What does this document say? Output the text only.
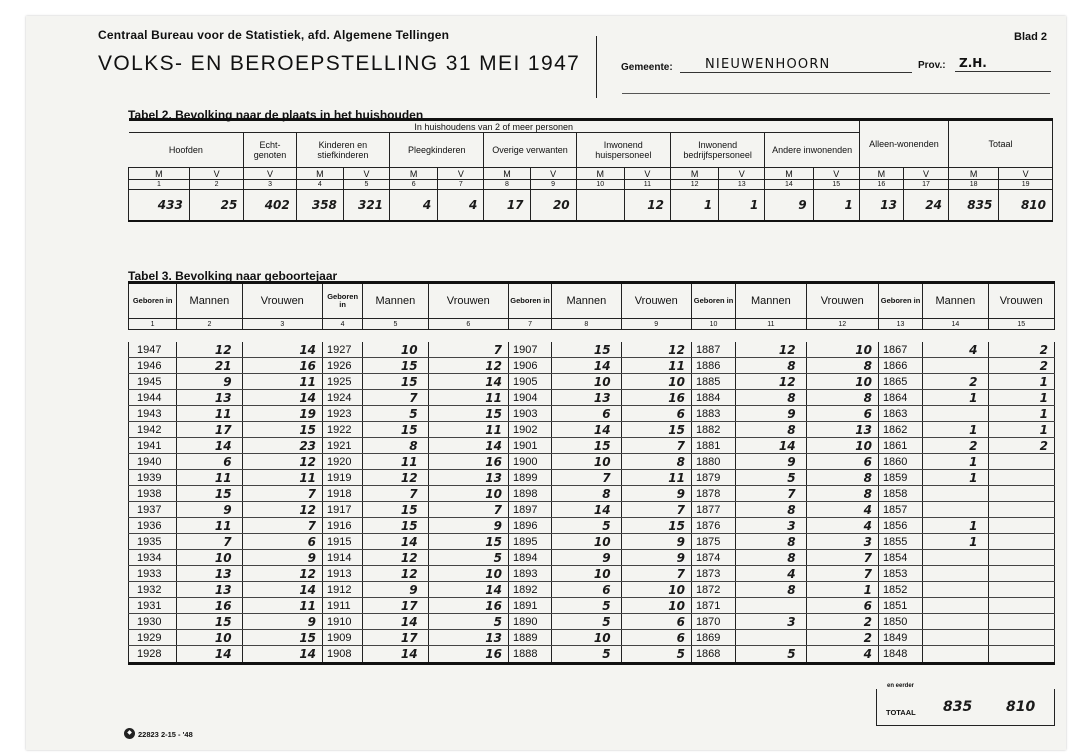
Centraal Bureau voor de Statistiek, afd. Algemene Tellingen
VOLKS- EN BEROEPSTELLING 31 MEI 1947
Blad 2
Gemeente: NIEUWENHOORN	Prov.: Z.H.
Tabel 2. Bevolking naar de plaats in het huishouden
In huishoudens van 2 of meer personen															Alleen-wonenden		Totaal	
Hoofden		Echt-genoten	Kinderen en stiefkinderen		Pleegkinderen		Overige verwanten		Inwonend huispersoneel		Inwonend bedrijfspersoneel		Andere inwonenden					
M	V	V	M	V	M	V	M	V	M	V	M	V	M	V	M	V	M	V
1	2	3	4	5	6	7	8	9	10	11	12	13	14	15	16	17	18	19
433	25	402	358	321	4	4	17	20		12	1	1	9	1	13	24	835	810
Tabel 3. Bevolking naar geboortejaar
Geboren in	Mannen	Vrouwen	Geboren in	Mannen	Vrouwen	Geboren in	Mannen	Vrouwen	Geboren in	Mannen	Vrouwen	Geboren in	Mannen	Vrouwen
1	2	3	4	5	6	7	8	9	10	11	12	13	14	15

1947	12	14	1927	10	7	1907	15	12	1887	12	10	1867	4	2
1946	21	16	1926	15	12	1906	14	11	1886	8	8	1866		2
1945	9	11	1925	15	14	1905	10	10	1885	12	10	1865	2	1
1944	13	14	1924	7	11	1904	13	16	1884	8	8	1864	1	1
1943	11	19	1923	5	15	1903	6	6	1883	9	6	1863		1
1942	17	15	1922	15	11	1902	14	15	1882	8	13	1862	1	1
1941	14	23	1921	8	14	1901	15	7	1881	14	10	1861	2	2
1940	6	12	1920	11	16	1900	10	8	1880	9	6	1860	1	
1939	11	11	1919	12	13	1899	7	11	1879	5	8	1859	1	
1938	15	7	1918	7	10	1898	8	9	1878	7	8	1858		
1937	9	12	1917	15	7	1897	14	7	1877	8	4	1857		
1936	11	7	1916	15	9	1896	5	15	1876	3	4	1856	1	
1935	7	6	1915	14	15	1895	10	9	1875	8	3	1855	1	
1934	10	9	1914	12	5	1894	9	9	1874	8	7	1854		
1933	13	12	1913	12	10	1893	10	7	1873	4	7	1853		
1932	13	14	1912	9	14	1892	6	10	1872	8	1	1852		
1931	16	11	1911	17	16	1891	5	10	1871		6	1851		
1930	15	9	1910	14	5	1890	5	6	1870	3	2	1850		
1929	10	15	1909	17	13	1889	10	6	1869		2	1849		
1928	14	14	1908	14	16	1888	5	5	1868	5	4	1848		
en eerder
TOTAAL 835 810
◆ 22823 2-15 - '48
